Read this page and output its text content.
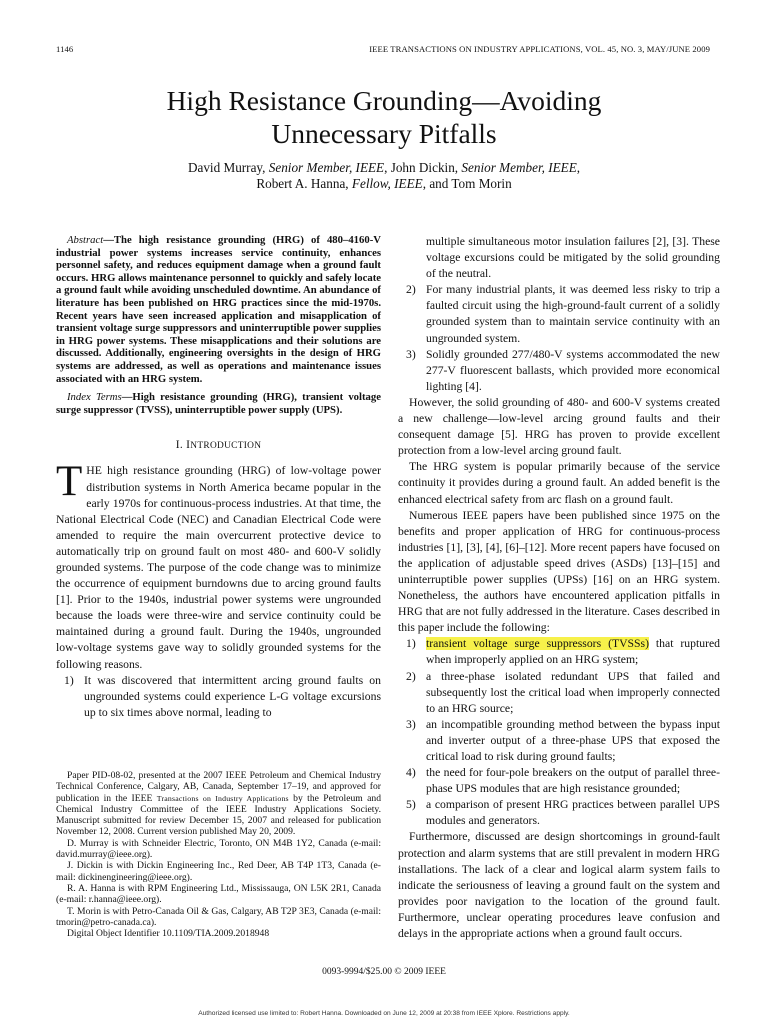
1146	IEEE TRANSACTIONS ON INDUSTRY APPLICATIONS, VOL. 45, NO. 3, MAY/JUNE 2009
High Resistance Grounding—Avoiding
Unnecessary Pitfalls
David Murray, Senior Member, IEEE, John Dickin, Senior Member, IEEE,
Robert A. Hanna, Fellow, IEEE, and Tom Morin
Abstract—The high resistance grounding (HRG) of 480–4160-V industrial power systems increases service continuity, enhances personnel safety, and reduces equipment damage when a ground fault occurs. HRG allows maintenance personnel to quickly and safely locate a ground fault while avoiding unscheduled downtime. An abundance of literature has been published on HRG practices since the mid-1970s. Recent years have seen increased application and misapplication of transient voltage surge suppressors and uninterruptible power supplies in HRG power systems. These misapplications and their solutions are discussed. Additionally, engineering oversights in the design of HRG systems are addressed, as well as operations and maintenance issues associated with an HRG system.
Index Terms—High resistance grounding (HRG), transient voltage surge suppressor (TVSS), uninterruptible power supply (UPS).
I. INTRODUCTION

THE high resistance grounding (HRG) of low-voltage power distribution systems in North America became popular in the early 1970s for continuous-process industries. At that time, the National Electrical Code (NEC) and Canadian Electrical Code were amended to require the main overcurrent protective device to automatically trip on ground fault on most 480- and 600-V solidly grounded systems. The purpose of the code change was to minimize the occurrence of equipment burndowns due to arcing ground faults [1]. Prior to the 1940s, industrial power systems were ungrounded because the loads were three-wire and service continuity could be maintained during a ground fault. During the 1940s, ungrounded low-voltage systems gave way to solidly grounded systems for the following reasons.

1) It was discovered that intermittent arcing ground faults on ungrounded systems could experience L-G voltage excursions up to six times above normal, leading to

Paper PID-08-02, presented at the 2007 IEEE Petroleum and Chemical Industry Technical Conference, Calgary, AB, Canada, September 17–19, and approved for publication in the IEEE Transactions on Industry Applications by the Petroleum and Chemical Industry Committee of the IEEE Industry Applications Society. Manuscript submitted for review December 15, 2007 and released for publication November 12, 2008. Current version published May 20, 2009.

D. Murray is with Schneider Electric, Toronto, ON M4B 1Y2, Canada (e-mail: david.murray@ieee.org).

J. Dickin is with Dickin Engineering Inc., Red Deer, AB T4P 1T3, Canada (e-mail: dickinengineering@ieee.org).

R. A. Hanna is with RPM Engineering Ltd., Mississauga, ON L5K 2R1, Canada (e-mail: r.hanna@ieee.org).

T. Morin is with Petro-Canada Oil & Gas, Calgary, AB T2P 3E3, Canada (e-mail: tmorin@petro-canada.ca).

Digital Object Identifier 10.1109/TIA.2009.2018948

multiple simultaneous motor insulation failures [2], [3]. These voltage excursions could be mitigated by the solid grounding of the neutral.
2) For many industrial plants, it was deemed less risky to trip a faulted circuit using the high-ground-fault current of a solidly grounded system than to maintain service continuity with an ungrounded system.
3) Solidly grounded 277/480-V systems accommodated the new 277-V fluorescent ballasts, which provided more economical lighting [4].

However, the solid grounding of 480- and 600-V systems created a new challenge—low-level arcing ground faults and their consequent damage [5]. HRG has proven to provide excellent protection from a low-level arcing ground fault.

The HRG system is popular primarily because of the service continuity it provides during a ground fault. An added benefit is the enhanced electrical safety from arc flash on a ground fault.

Numerous IEEE papers have been published since 1975 on the benefits and proper application of HRG for continuous-process industries [1], [3], [4], [6]–[12]. More recent papers have focused on the application of adjustable speed drives (ASDs) [13]–[15] and uninterruptible power supplies (UPSs) [16] on an HRG system. Nonetheless, the authors have encountered application pitfalls in HRG that are not fully addressed in the literature. Cases described in this paper include the following:

1) transient voltage surge suppressors (TVSSs) that ruptured when improperly applied on an HRG system;
2) a three-phase isolated redundant UPS that failed and subsequently lost the critical load when improperly connected to an HRG source;
3) an incompatible grounding method between the bypass input and inverter output of a three-phase UPS that exposed the critical load to risk during ground faults;
4) the need for four-pole breakers on the output of parallel three-phase UPS modules that are high resistance grounded;
5) a comparison of present HRG practices between parallel UPS modules and generators.

Furthermore, discussed are design shortcomings in ground-fault protection and alarm systems that are still prevalent in modern HRG installations. The lack of a clear and logical alarm system fails to indicate the seriousness of leaving a ground fault on the system and provides poor navigation to the location of the ground fault. Furthermore, unclear operating procedures leave confusion and delays in the appropriate actions when a ground fault occurs.

0093-9994/$25.00 © 2009 IEEE
Authorized licensed use limited to: Robert Hanna. Downloaded on June 12, 2009 at 20:38 from IEEE Xplore. Restrictions apply.
